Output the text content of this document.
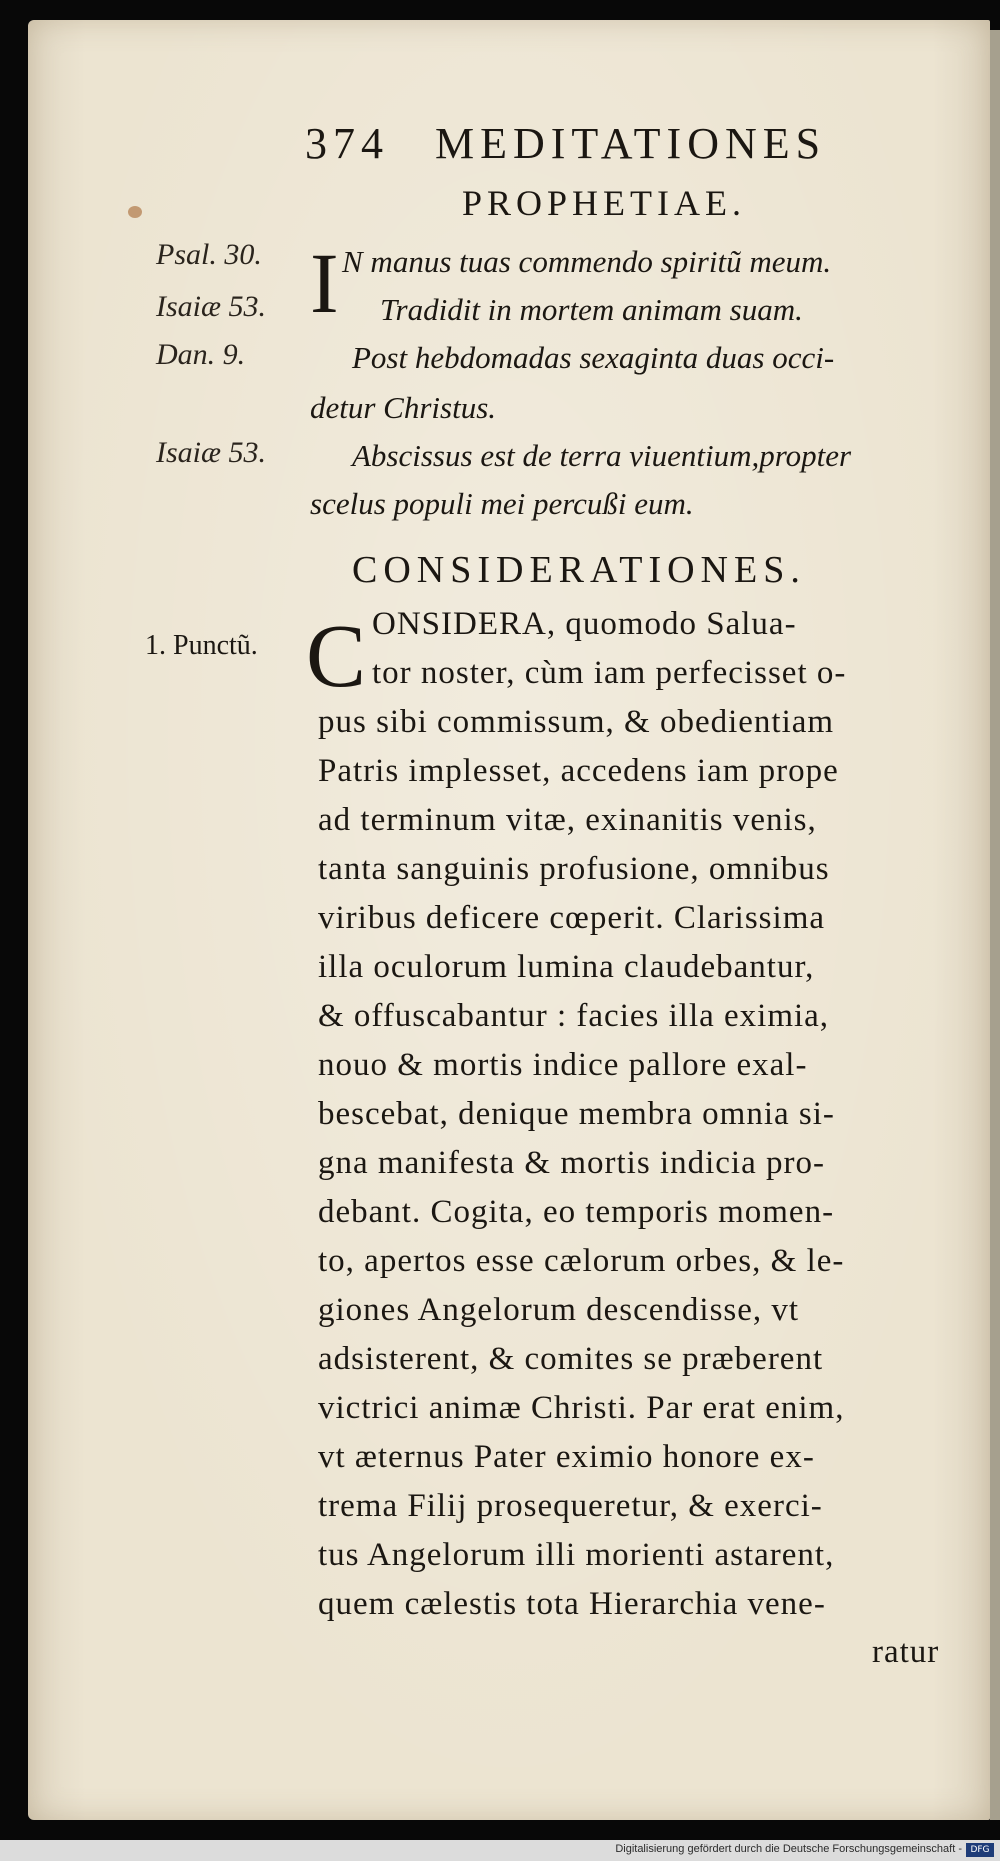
374 MEDITATIONES
PROPHETIAE.
Psal. 30.
Isaiæ 53.
Dan. 9.
Isaiæ 53.
I N manus tuas commendo spiritũ meum.
Tradidit in mortem animam suam.
Post hebdomadas sexaginta duas occi-
detur Christus.
Abscissus est de terra viuentium,propter
scelus populi mei percußi eum.
CONSIDERATIONES.
1. Punctũ. C ONSIDERA, quomodo Salua-
tor noster, cùm iam perfecisset o-
pus sibi commissum, & obedientiam
Patris implesset, accedens iam prope
ad terminum vitæ, exinanitis venis,
tanta sanguinis profusione, omnibus
viribus deficere cœperit. Clarissima
illa oculorum lumina claudebantur,
& offuscabantur : facies illa eximia,
nouo & mortis indice pallore exal-
bescebat, denique membra omnia si-
gna manifesta & mortis indicia pro-
debant. Cogita, eo temporis momen-
to, apertos esse cælorum orbes, & le-
giones Angelorum descendisse, vt
adsisterent, & comites se præberent
victrici animæ Christi. Par erat enim,
vt æternus Pater eximio honore ex-
trema Filij prosequeretur, & exerci-
tus Angelorum illi morienti astarent,
quem cælestis tota Hierarchia vene-
ratur
Digitalisierung gefördert durch die Deutsche Forschungsgemeinschaft - DFG
